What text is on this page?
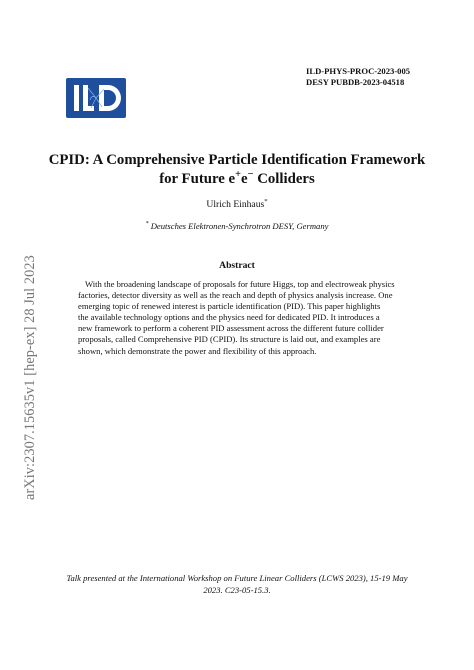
ILD-PHYS-PROC-2023-005
DESY PUBDB-2023-04518
arXiv:2307.15635v1 [hep-ex] 28 Jul 2023
CPID: A Comprehensive Particle Identification Framework
for Future e+e− Colliders
Ulrich Einhaus*
* Deutsches Elektronen-Synchrotron DESY, Germany
Abstract
With the broadening landscape of proposals for future Higgs, top and electroweak physics
factories, detector diversity as well as the reach and depth of physics analysis increase. One
emerging topic of renewed interest is particle identification (PID). This paper highlights
the available technology options and the physics need for dedicated PID. It introduces a
new framework to perform a coherent PID assessment across the different future collider
proposals, called Comprehensive PID (CPID). Its structure is laid out, and examples are
shown, which demonstrate the power and flexibility of this approach.
Talk presented at the International Workshop on Future Linear Colliders (LCWS 2023), 15-19 May
2023. C23-05-15.3.
